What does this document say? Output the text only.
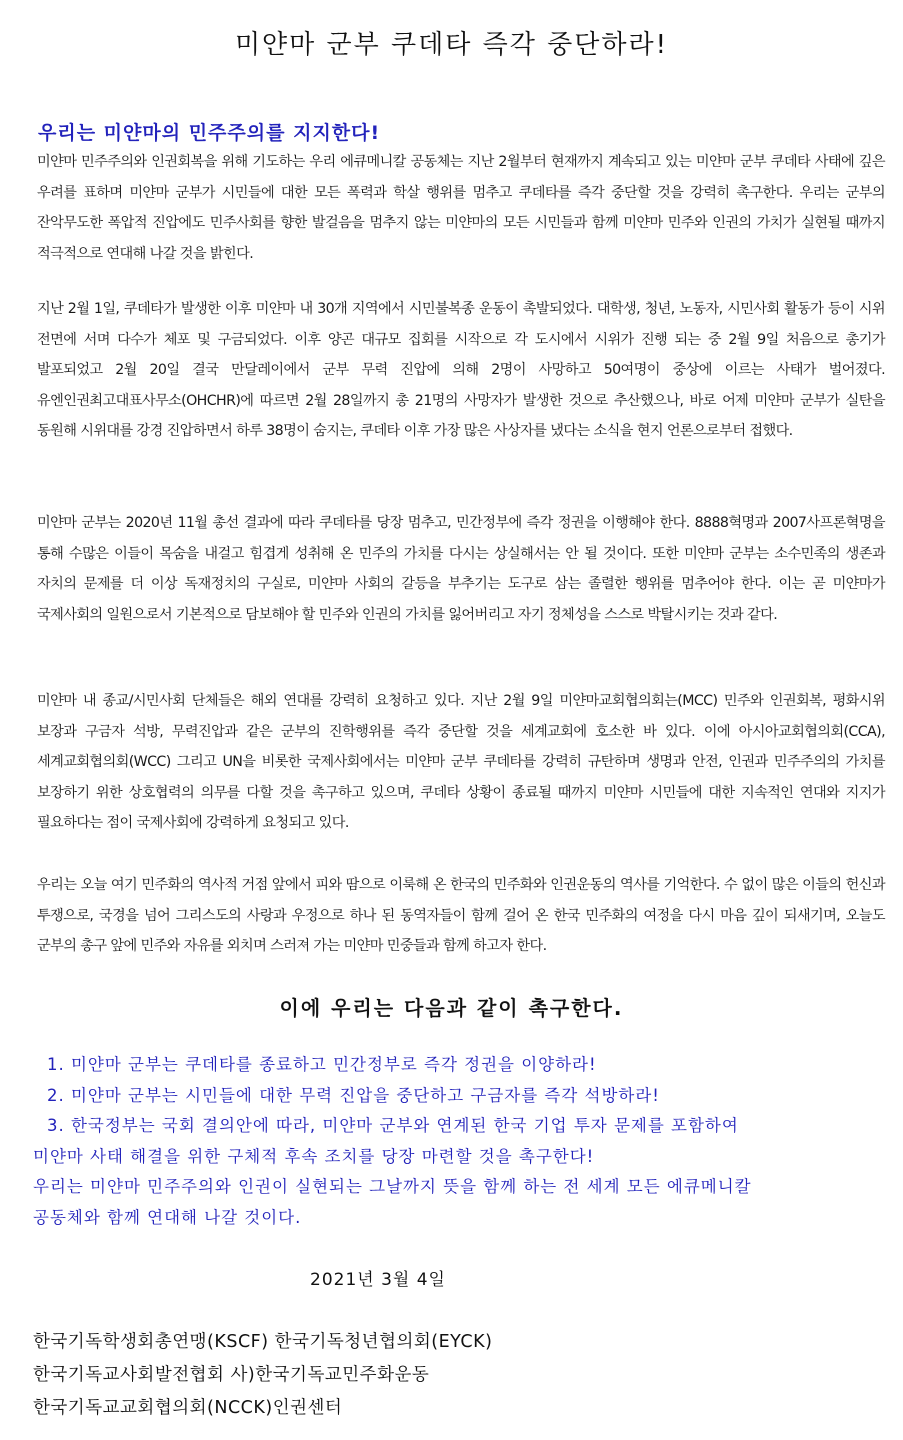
미얀마 군부 쿠데타 즉각 중단하라!
우리는 미얀마의 민주주의를 지지한다!

미얀마 민주주의와 인권회복을 위해 기도하는 우리 에큐메니칼 공동체는 지난 2월부터 현재까지 계속되고 있는 미얀마 군부 쿠데타 사태에 깊은 우려를 표하며 미얀마 군부가 시민들에 대한 모든 폭력과 학살 행위를 멈추고 쿠데타를 즉각 중단할 것을 강력히 촉구한다. 우리는 군부의 잔악무도한 폭압적 진압에도 민주사회를 향한 발걸음을 멈추지 않는 미얀마의 모든 시민들과 함께 미얀마 민주와 인권의 가치가 실현될 때까지 적극적으로 연대해 나갈 것을 밝힌다.

지난 2월 1일, 쿠데타가 발생한 이후 미얀마 내 30개 지역에서 시민불복종 운동이 촉발되었다. 대학생, 청년, 노동자, 시민사회 활동가 등이 시위 전면에 서며 다수가 체포 및 구금되었다. 이후 양곤 대규모 집회를 시작으로 각 도시에서 시위가 진행 되는 중 2월 9일 처음으로 총기가 발포되었고 2월 20일 결국 만달레이에서 군부 무력 진압에 의해 2명이 사망하고 50여명이 중상에 이르는 사태가 벌어졌다. 유엔인권최고대표사무소(OHCHR)에 따르면 2월 28일까지 총 21명의 사망자가 발생한 것으로 추산했으나, 바로 어제 미얀마 군부가 실탄을 동원해 시위대를 강경 진압하면서 하루 38명이 숨지는, 쿠데타 이후 가장 많은 사상자를 냈다는 소식을 현지 언론으로부터 접했다.

미얀마 군부는 2020년 11월 총선 결과에 따라 쿠데타를 당장 멈추고, 민간정부에 즉각 정권을 이행해야 한다. 8888혁명과 2007사프론혁명을 통해 수많은 이들이 목숨을 내걸고 힘겹게 성취해 온 민주의 가치를 다시는 상실해서는 안 될 것이다. 또한 미얀마 군부는 소수민족의 생존과 자치의 문제를 더 이상 독재정치의 구실로, 미얀마 사회의 갈등을 부추기는 도구로 삼는 졸렬한 행위를 멈추어야 한다. 이는 곧 미얀마가 국제사회의 일원으로서 기본적으로 담보해야 할 민주와 인권의 가치를 잃어버리고 자기 정체성을 스스로 박탈시키는 것과 같다.

미얀마 내 종교/시민사회 단체들은 해외 연대를 강력히 요청하고 있다. 지난 2월 9일 미얀마교회협의회는(MCC) 민주와 인권회복, 평화시위 보장과 구금자 석방, 무력진압과 같은 군부의 진학행위를 즉각 중단할 것을 세계교회에 호소한 바 있다. 이에 아시아교회협의회(CCA), 세계교회협의회(WCC) 그리고 UN을 비롯한 국제사회에서는 미얀마 군부 쿠데타를 강력히 규탄하며 생명과 안전, 인권과 민주주의의 가치를 보장하기 위한 상호협력의 의무를 다할 것을 촉구하고 있으며, 쿠데타 상황이 종료될 때까지 미얀마 시민들에 대한 지속적인 연대와 지지가 필요하다는 점이 국제사회에 강력하게 요청되고 있다.

우리는 오늘 여기 민주화의 역사적 거점 앞에서 피와 땀으로 이룩해 온 한국의 민주화와 인권운동의 역사를 기억한다. 수 없이 많은 이들의 헌신과 투쟁으로, 국경을 넘어 그리스도의 사랑과 우정으로 하나 된 동역자들이 함께 걸어 온 한국 민주화의 여정을 다시 마음 깊이 되새기며, 오늘도 군부의 총구 앞에 민주와 자유를 외치며 스러져 가는 미얀마 민중들과 함께 하고자 한다.

이에 우리는 다음과 같이 촉구한다.
1. 미얀마 군부는 쿠데타를 종료하고 민간정부로 즉각 정권을 이양하라!
2. 미얀마 군부는 시민들에 대한 무력 진압을 중단하고 구금자를 즉각 석방하라!
3. 한국정부는 국회 결의안에 따라, 미얀마 군부와 연계된 한국 기업 투자 문제를 포함하여
미얀마 사태 해결을 위한 구체적 후속 조치를 당장 마련할 것을 촉구한다!
우리는 미얀마 민주주의와 인권이 실현되는 그날까지 뜻을 함께 하는 전 세계 모든 에큐메니칼
공동체와 함께 연대해 나갈 것이다.

2021년 3월 4일

한국기독학생회총연맹(KSCF) 한국기독청년협의회(EYCK)
한국기독교사회발전협회 사)한국기독교민주화운동
한국기독교교회협의회(NCCK)인권센터
